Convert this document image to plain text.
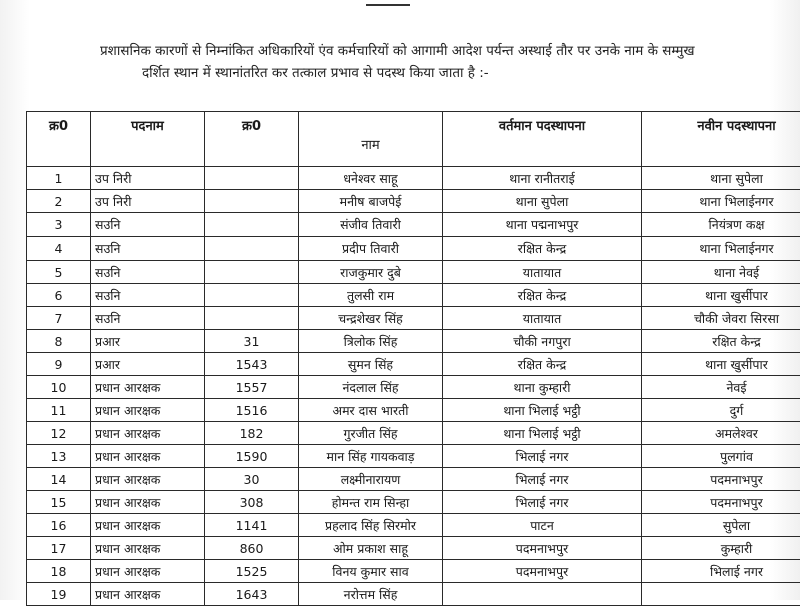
प्रशासनिक कारणों से निम्नांकित अधिकारियों एंव कर्मचारियों को आगामी आदेश पर्यन्त अस्थाई तौर पर उनके नाम के सम्मुख
दर्शित स्थान में स्थानांतरित कर तत्काल प्रभाव से पदस्थ किया जाता है :-
क्र0	पदनाम	क्र0	नाम	वर्तमान पदस्थापना	नवीन पदस्थापना
1	उप निरी		धनेश्वर साहू	थाना रानीतराई	थाना सुपेला
2	उप निरी		मनीष बाजपेई	थाना सुपेला	थाना भिलाईनगर
3	सउनि		संजीव तिवारी	थाना पद्मनाभपुर	नियंत्रण कक्ष
4	सउनि		प्रदीप तिवारी	रक्षित केन्द्र	थाना भिलाईनगर
5	सउनि		राजकुमार दुबे	यातायात	थाना नेवई
6	सउनि		तुलसी राम	रक्षित केन्द्र	थाना खुर्सीपार
7	सउनि		चन्द्रशेखर सिंह	यातायात	चौकी जेवरा सिरसा
8	प्रआर	31	त्रिलोक सिंह	चौकी नगपुरा	रक्षित केन्द्र
9	प्रआर	1543	सुमन सिंह	रक्षित केन्द्र	थाना खुर्सीपार
10	प्रधान आरक्षक	1557	नंदलाल सिंह	थाना कुम्हारी	नेवई
11	प्रधान आरक्षक	1516	अमर दास भारती	थाना भिलाई भट्ठी	दुर्ग
12	प्रधान आरक्षक	182	गुरजीत सिंह	थाना भिलाई भट्ठी	अमलेश्वर
13	प्रधान आरक्षक	1590	मान सिंह गायकवाड़	भिलाई नगर	पुलगांव
14	प्रधान आरक्षक	30	लक्ष्मीनारायण	भिलाई नगर	पदमनाभपुर
15	प्रधान आरक्षक	308	होमन्त राम सिन्हा	भिलाई नगर	पदमनाभपुर
16	प्रधान आरक्षक	1141	प्रहलाद सिंह सिरमोर	पाटन	सुपेला
17	प्रधान आरक्षक	860	ओम प्रकाश साहू	पदमनाभपुर	कुम्हारी
18	प्रधान आरक्षक	1525	विनय कुमार साव	पदमनाभपुर	भिलाई नगर
19	प्रधान आरक्षक	1643	नरोत्तम सिंह		
